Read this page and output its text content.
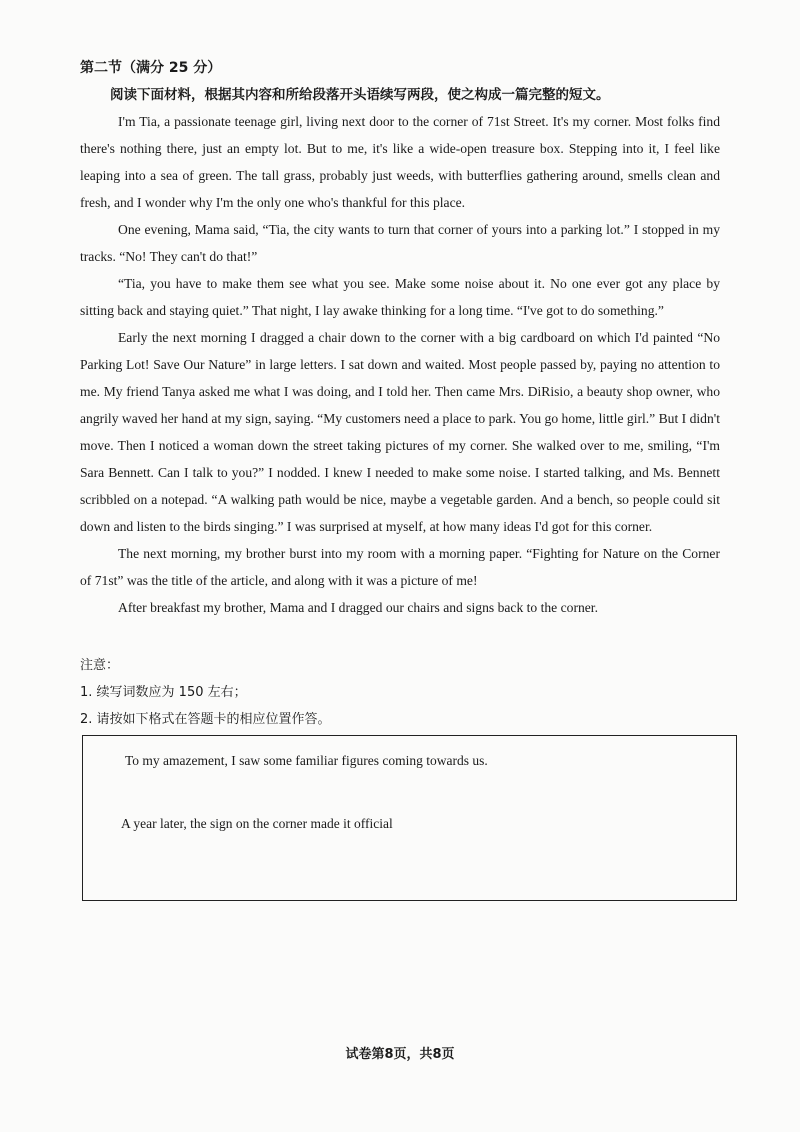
第二节（满分 25 分）
阅读下面材料，根据其内容和所给段落开头语续写两段，使之构成一篇完整的短文。

I'm Tia, a passionate teenage girl, living next door to the corner of 71st Street. It's my corner. Most folks find there's nothing there, just an empty lot. But to me, it's like a wide-open treasure box. Stepping into it, I feel like leaping into a sea of green. The tall grass, probably just weeds, with butterflies gathering around, smells clean and fresh, and I wonder why I'm the only one who's thankful for this place.

One evening, Mama said, “Tia, the city wants to turn that corner of yours into a parking lot.” I stopped in my tracks. “No! They can't do that!”

“Tia, you have to make them see what you see. Make some noise about it. No one ever got any place by sitting back and staying quiet.” That night, I lay awake thinking for a long time. “I've got to do something.”

Early the next morning I dragged a chair down to the corner with a big cardboard on which I'd painted “No Parking Lot! Save Our Nature” in large letters. I sat down and waited. Most people passed by, paying no attention to me. My friend Tanya asked me what I was doing, and I told her. Then came Mrs. DiRisio, a beauty shop owner, who angrily waved her hand at my sign, saying. “My customers need a place to park. You go home, little girl.” But I didn't move. Then I noticed a woman down the street taking pictures of my corner. She walked over to me, smiling, “I'm Sara Bennett. Can I talk to you?” I nodded. I knew I needed to make some noise. I started talking, and Ms. Bennett scribbled on a notepad. “A walking path would be nice, maybe a vegetable garden. And a bench, so people could sit down and listen to the birds singing.” I was surprised at myself, at how many ideas I'd got for this corner.

The next morning, my brother burst into my room with a morning paper. “Fighting for Nature on the Corner of 71st” was the title of the article, and along with it was a picture of me!

After breakfast my brother, Mama and I dragged our chairs and signs back to the corner.

注意：
1. 续写词数应为 150 左右；
2. 请按如下格式在答题卡的相应位置作答。
To my amazement, I saw some familiar figures coming towards us.
A year later, the sign on the corner made it official
试卷第8页，共8页
